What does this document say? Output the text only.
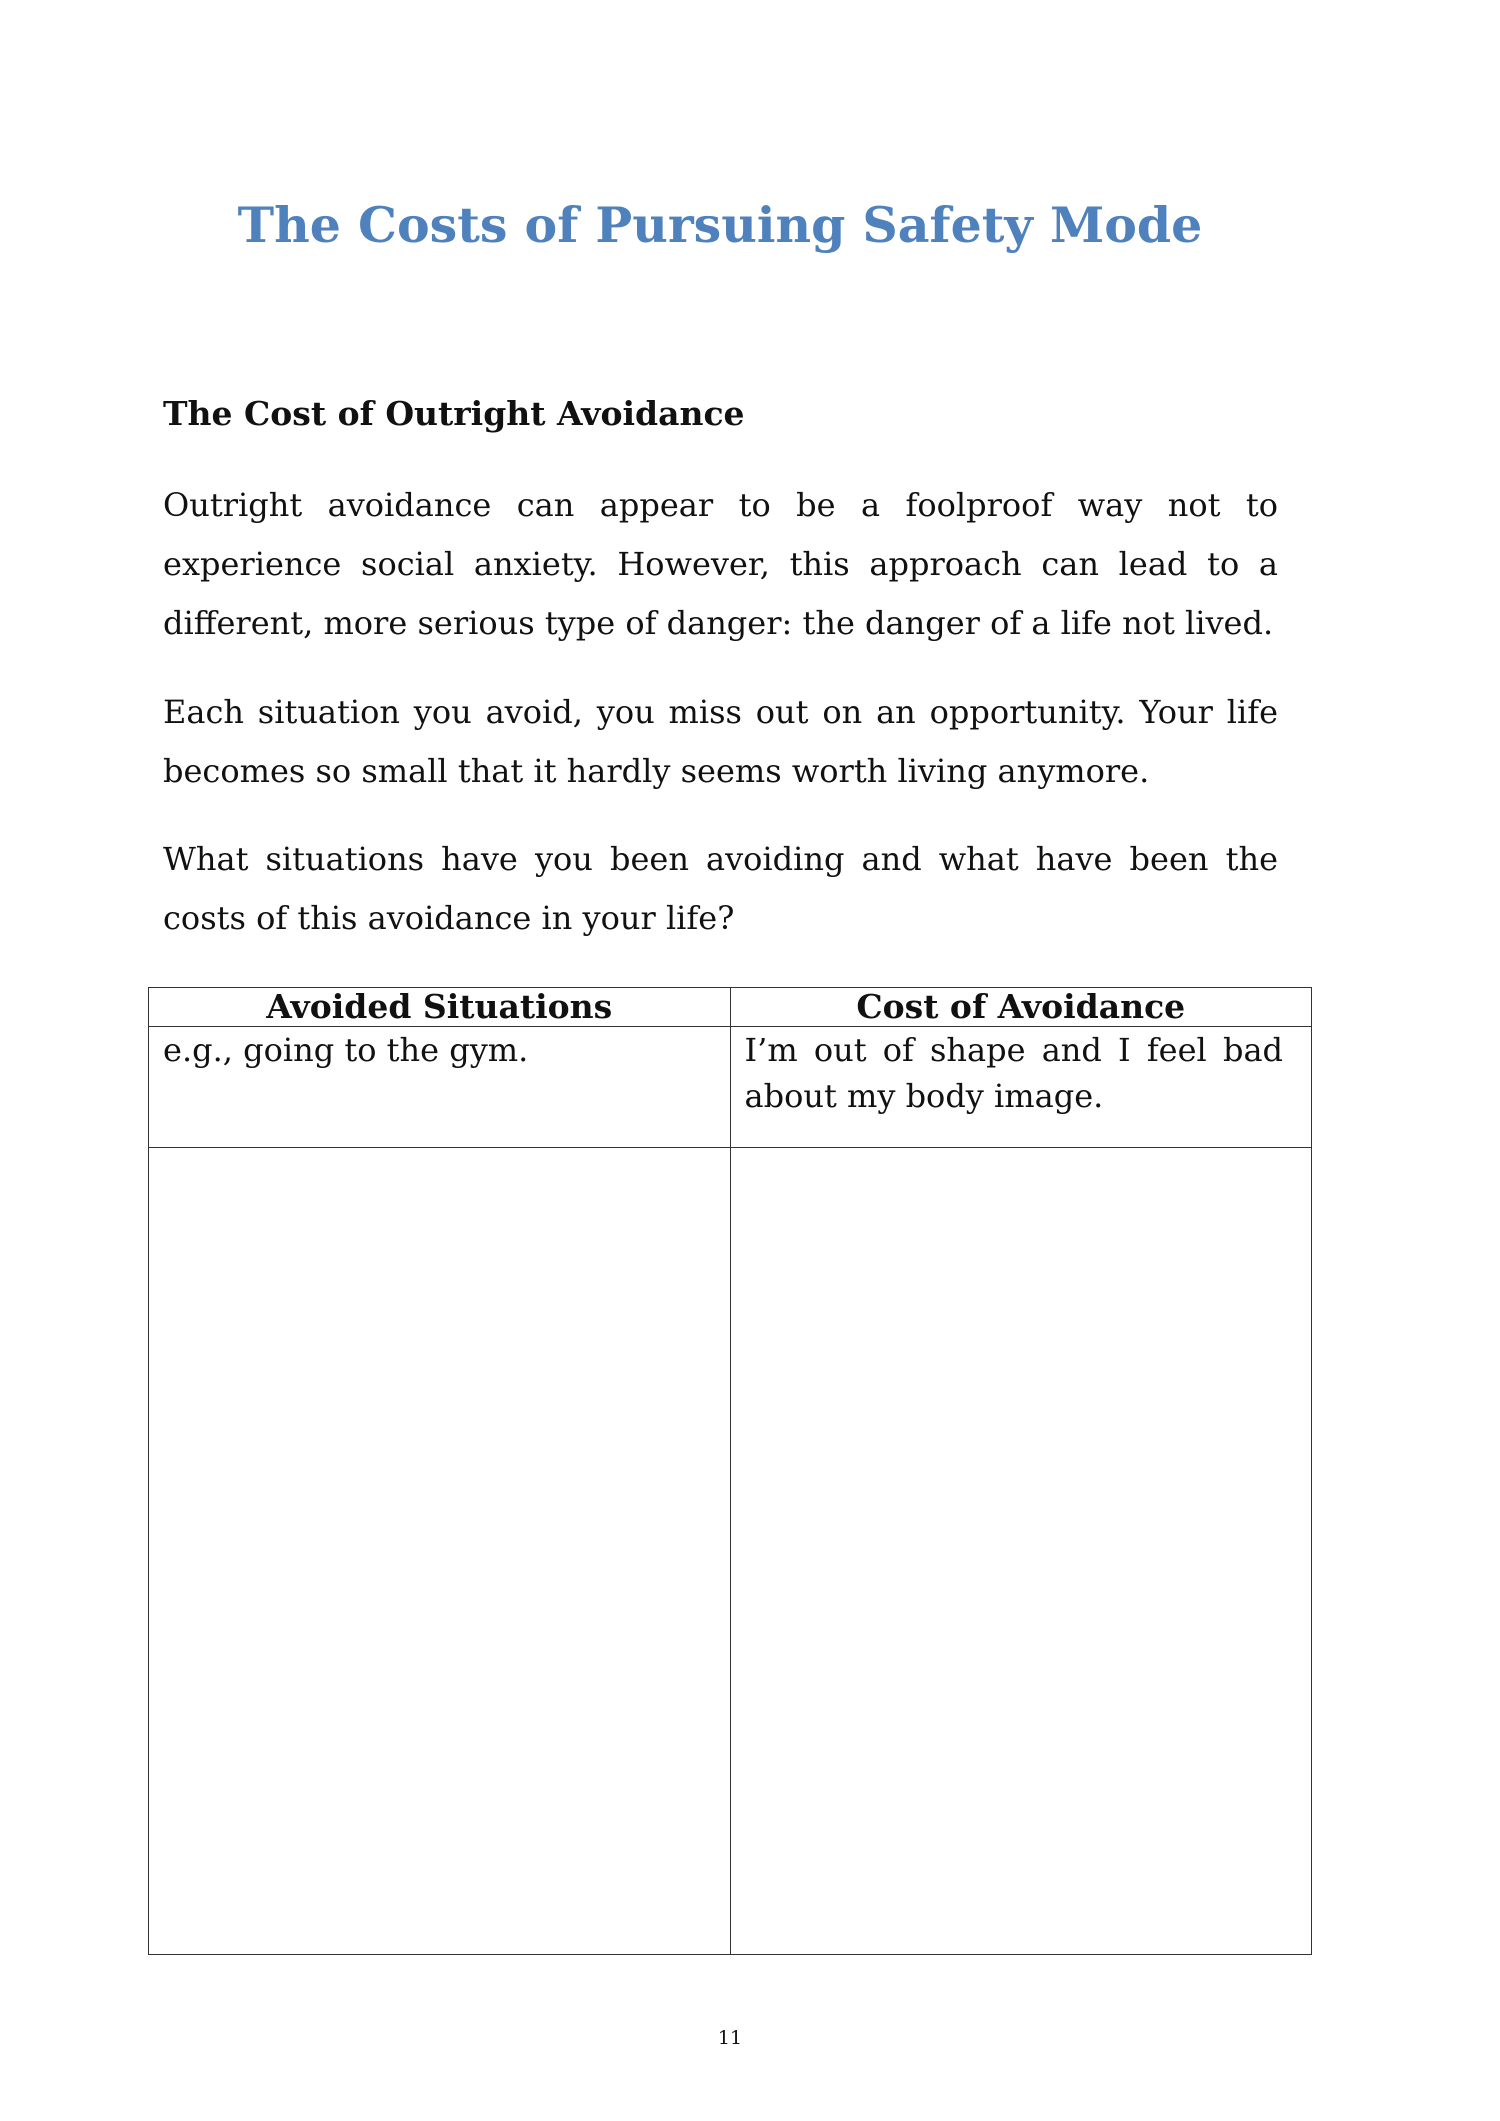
The Costs of Pursuing Safety Mode
The Cost of Outright Avoidance

Outright avoidance can appear to be a foolproof way not to experience social anxiety. However, this approach can lead to a different, more serious type of danger: the danger of a life not lived.

Each situation you avoid, you miss out on an opportunity. Your life becomes so small that it hardly seems worth living anymore.

What situations have you been avoiding and what have been the costs of this avoidance in your life?

Avoided Situations	Cost of Avoidance
e.g., going to the gym.	I’m out of shape and I feel bad about my body image.

11
